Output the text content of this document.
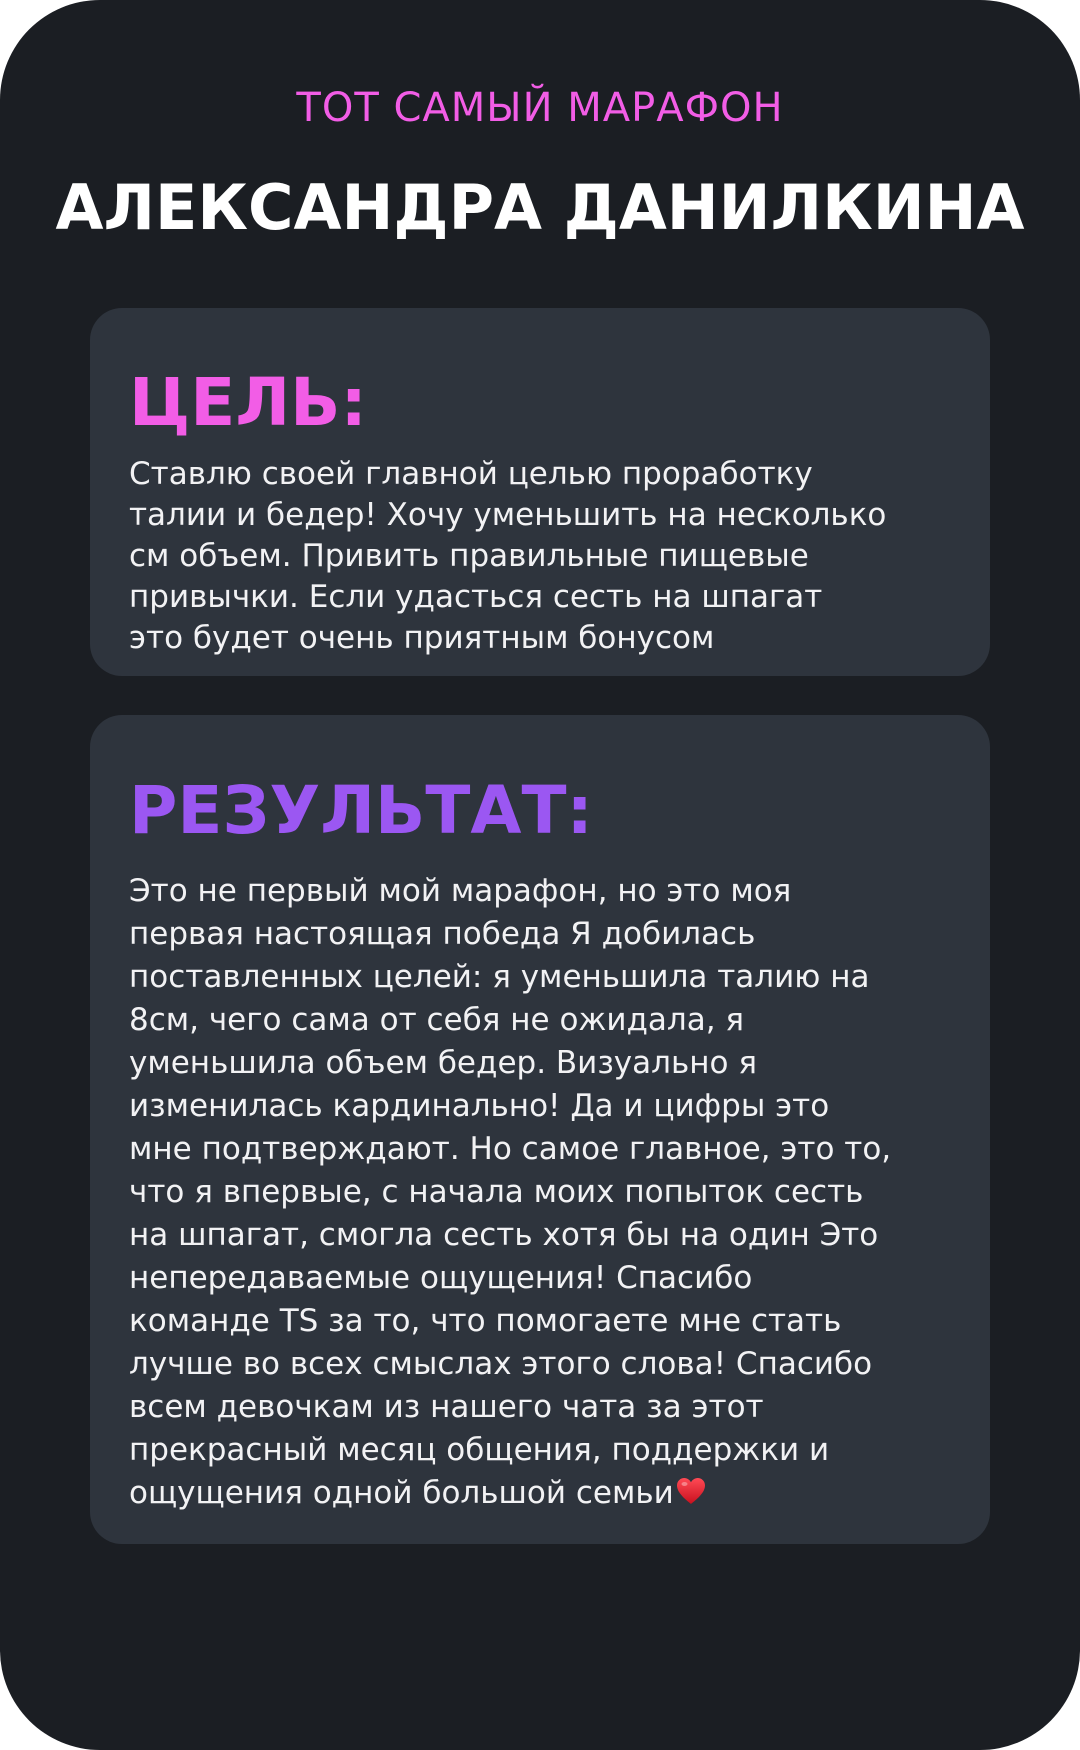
ТОТ САМЫЙ МАРАФОН
АЛЕКСАНДРА ДАНИЛКИНА
ЦЕЛЬ:
Ставлю своей главной целью проработку
талии и бедер! Хочу уменьшить на несколько
см объем. Привить правильные пищевые
привычки. Если удасться сесть на шпагат
это будет очень приятным бонусом
РЕЗУЛЬТАТ:
Это не первый мой марафон, но это моя
первая настоящая победа Я добилась
поставленных целей: я уменьшила талию на
8см, чего сама от себя не ожидала, я
уменьшила объем бедер. Визуально я
изменилась кардинально! Да и цифры это
мне подтверждают. Но самое главное, это то,
что я впервые, с начала моих попыток сесть
на шпагат, смогла сесть хотя бы на один Это
непередаваемые ощущения! Спасибо
команде TS за то, что помогаете мне стать
лучше во всех смыслах этого слова! Спасибо
всем девочкам из нашего чата за этот
прекрасный месяц общения, поддержки и
ощущения одной большой семьи
